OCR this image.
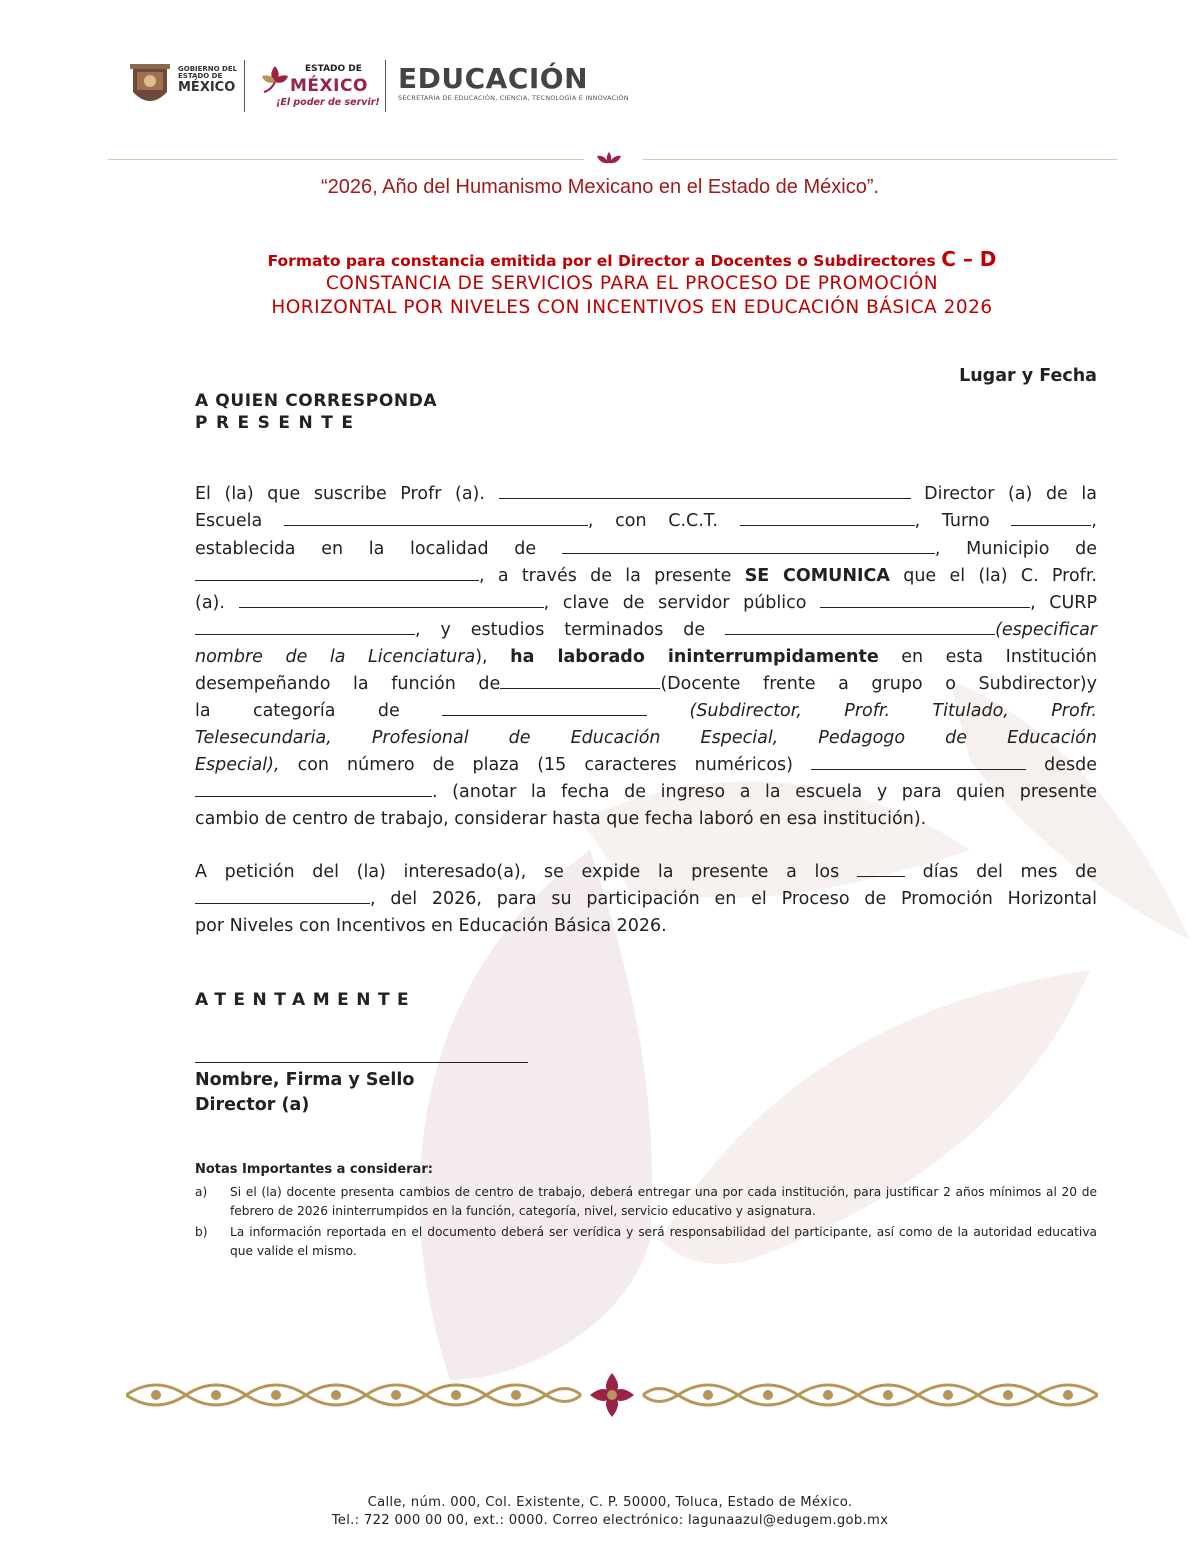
GOBIERNO DEL
ESTADO DE
MÉXICO
ESTADO DE
MÉXICO
¡El poder de servir!
EDUCACIÓN
SECRETARÍA DE EDUCACIÓN, CIENCIA, TECNOLOGÍA E INNOVACIÓN
“2026, Año del Humanismo Mexicano en el Estado de México”.
Formato para constancia emitida por el Director a Docentes o Subdirectores C – D
CONSTANCIA DE SERVICIOS PARA EL PROCESO DE PROMOCIÓN
HORIZONTAL POR NIVELES CON INCENTIVOS EN EDUCACIÓN BÁSICA 2026
Lugar y Fecha
A QUIEN CORRESPONDA
PRESENTE
El (la) que suscribe Profr (a).	Director (a) de la
Escuela	, con C.C.T.	, Turno	,
establecida en la localidad de	, Municipio de
, a través de la presente SE COMUNICA que el (la) C. Profr.
(a).	, clave de servidor público	, CURP
, y estudios terminados de	(especificar
nombre de la Licenciatura), ha laborado ininterrumpidamente en esta Institución
desempeñando la función de	(Docente frente a grupo o Subdirector)y
la categoría de	(Subdirector, Profr. Titulado, Profr.
Telesecundaria, Profesional de Educación Especial, Pedagogo de Educación
Especial), con número de plaza (15 caracteres numéricos)	desde
. (anotar la fecha de ingreso a la escuela y para quien presente
cambio de centro de trabajo, considerar hasta que fecha laboró en esa institución).
A petición del (la) interesado(a), se expide la presente a los	días del mes de
, del 2026, para su participación en el Proceso de Promoción Horizontal
por Niveles con Incentivos en Educación Básica 2026.
ATENTAMENTE
Nombre, Firma y Sello
Director (a)
Notas Importantes a considerar:
a) Si el (la) docente presenta cambios de centro de trabajo, deberá entregar una por cada institución, para justificar 2 años mínimos al 20 de febrero de 2026 ininterrumpidos en la función, categoría, nivel, servicio educativo y asignatura.
b) La información reportada en el documento deberá ser verídica y será responsabilidad del participante, así como de la autoridad educativa que valide el mismo.
Calle, núm. 000, Col. Existente, C. P. 50000, Toluca, Estado de México.
Tel.: 722 000 00 00, ext.: 0000. Correo electrónico: lagunaazul@edugem.gob.mx
